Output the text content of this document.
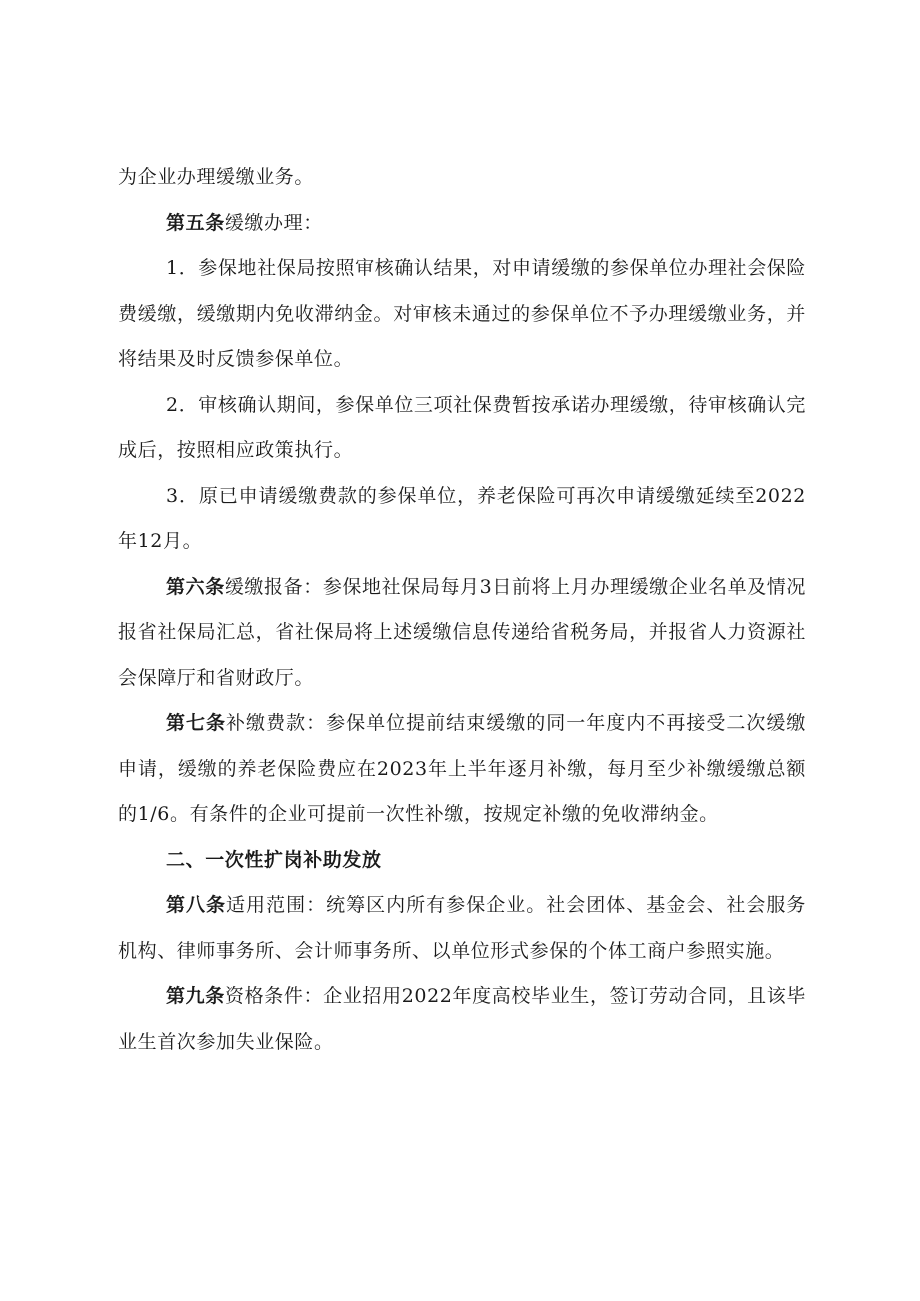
为企业办理缓缴业务。

第五条缓缴办理：

1．参保地社保局按照审核确认结果，对申请缓缴的参保单位办理社会保险费缓缴，缓缴期内免收滞纳金。对审核未通过的参保单位不予办理缓缴业务，并将结果及时反馈参保单位。

2．审核确认期间，参保单位三项社保费暂按承诺办理缓缴，待审核确认完成后，按照相应政策执行。

3．原已申请缓缴费款的参保单位，养老保险可再次申请缓缴延续至2022年12月。

第六条缓缴报备：参保地社保局每月3日前将上月办理缓缴企业名单及情况报省社保局汇总，省社保局将上述缓缴信息传递给省税务局，并报省人力资源社会保障厅和省财政厅。

第七条补缴费款：参保单位提前结束缓缴的同一年度内不再接受二次缓缴申请，缓缴的养老保险费应在2023年上半年逐月补缴，每月至少补缴缓缴总额的1/6。有条件的企业可提前一次性补缴，按规定补缴的免收滞纳金。

二、一次性扩岗补助发放

第八条适用范围：统筹区内所有参保企业。社会团体、基金会、社会服务机构、律师事务所、会计师事务所、以单位形式参保的个体工商户参照实施。

第九条资格条件：企业招用2022年度高校毕业生，签订劳动合同，且该毕业生首次参加失业保险。
